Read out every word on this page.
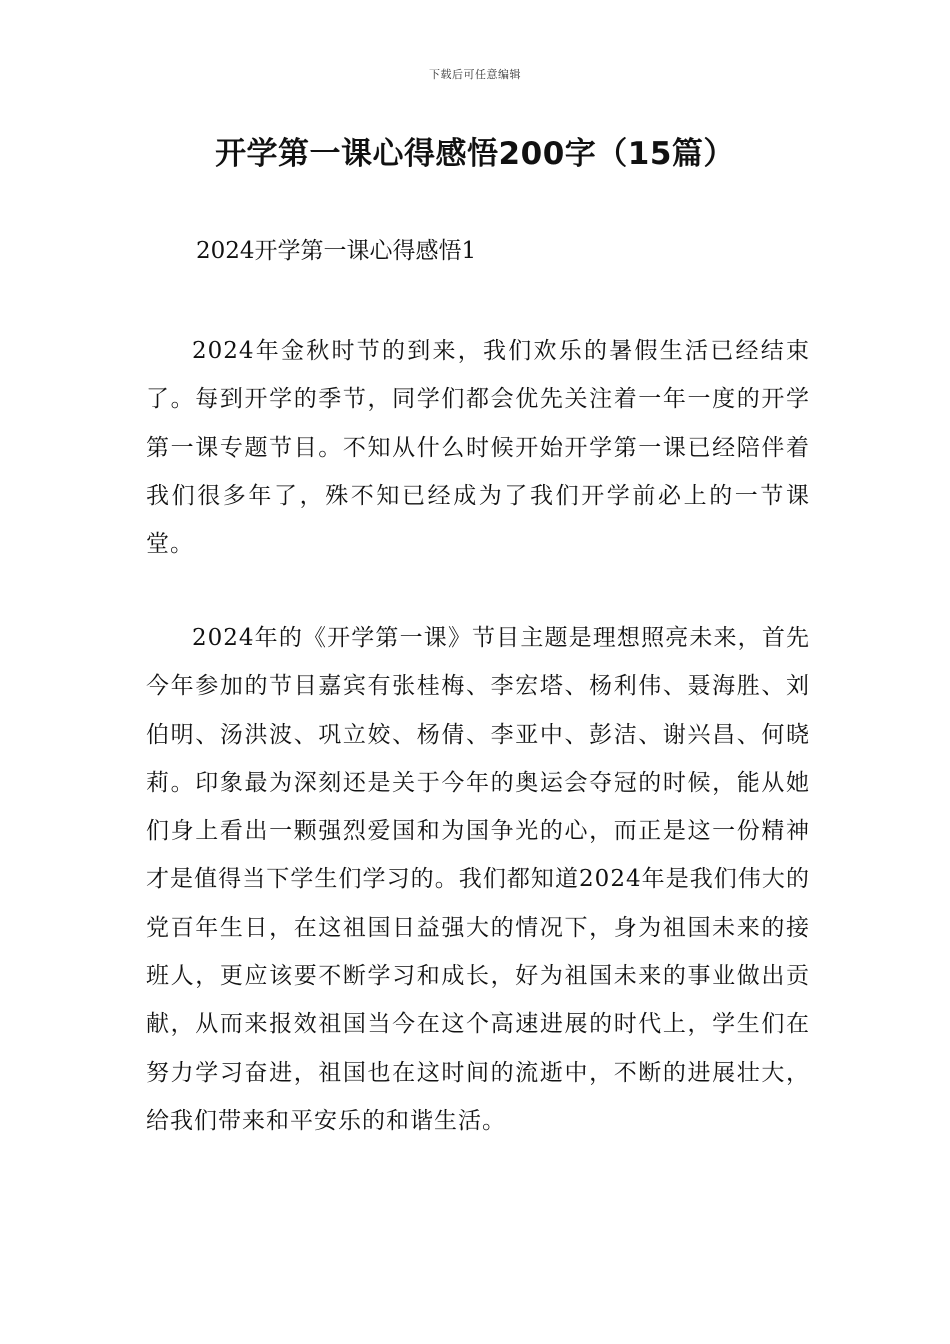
下载后可任意编辑
开学第一课心得感悟200字（15篇）
2024开学第一课心得感悟1

2024年金秋时节的到来，我们欢乐的暑假生活已经结束了。每到开学的季节，同学们都会优先关注着一年一度的开学第一课专题节目。不知从什么时候开始开学第一课已经陪伴着我们很多年了，殊不知已经成为了我们开学前必上的一节课堂。

2024年的《开学第一课》节目主题是理想照亮未来，首先今年参加的节目嘉宾有张桂梅、李宏塔、杨利伟、聂海胜、刘伯明、汤洪波、巩立姣、杨倩、李亚中、彭洁、谢兴昌、何晓莉。印象最为深刻还是关于今年的奥运会夺冠的时候，能从她们身上看出一颗强烈爱国和为国争光的心，而正是这一份精神才是值得当下学生们学习的。我们都知道2024年是我们伟大的党百年生日，在这祖国日益强大的情况下，身为祖国未来的接班人，更应该要不断学习和成长，好为祖国未来的事业做出贡献，从而来报效祖国当今在这个高速进展的时代上，学生们在努力学习奋进，祖国也在这时间的流逝中，不断的进展壮大，给我们带来和平安乐的和谐生活。
